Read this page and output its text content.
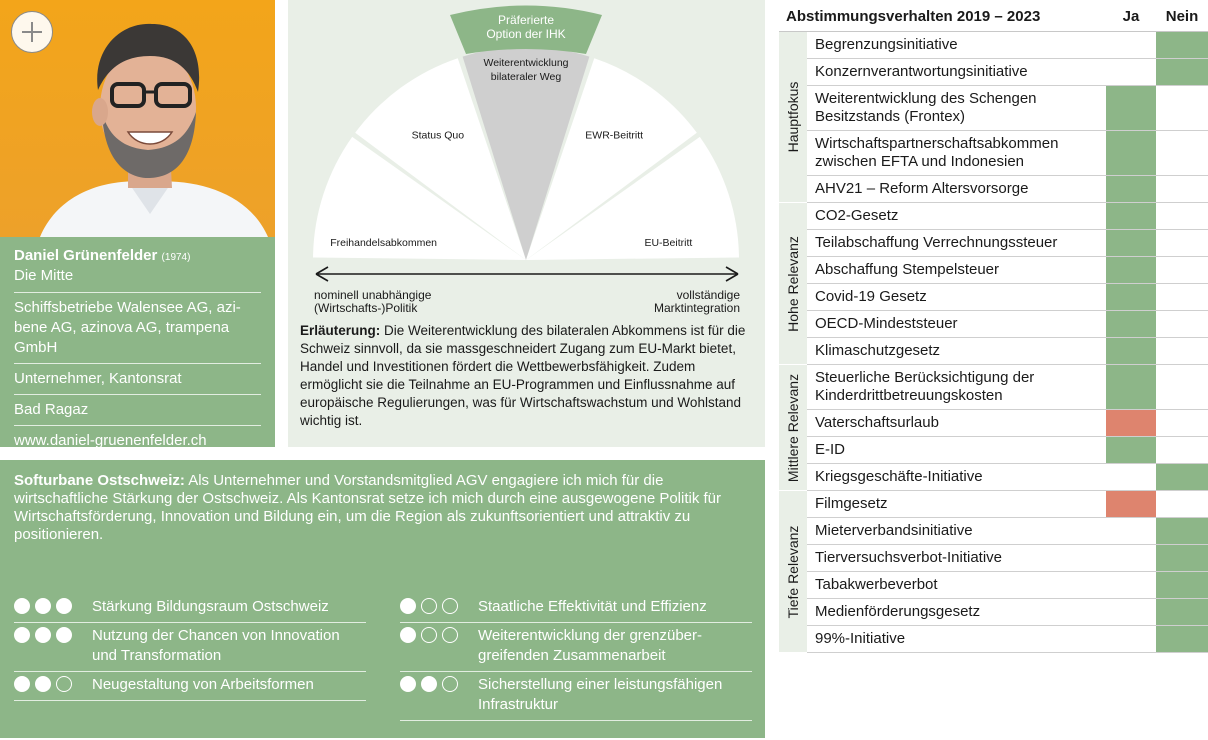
Daniel Grünenfelder (1974)
Die Mitte
Schiffsbetriebe Walensee AG, azi-bene AG, azinova AG, trampena GmbH
Unternehmer, Kantonsrat
Bad Ragaz
www.daniel-gruenenfelder.ch
Freihandelsabkommen
Status Quo
Weiterentwicklung
bilateraler Weg
EWR-Beitritt
EU-Beitritt
Präferierte
Option der IHK
nominell unabhängige
(Wirtschafts-)Politik
vollständige
Marktintegration
Erläuterung: Die Weiterentwicklung des bilateralen Abkommens ist für die Schweiz sinnvoll, da sie massgeschneidert Zugang zum EU-Markt bietet, Handel und Investitionen fördert die Wettbewerbsfähigkeit. Zudem ermöglicht sie die Teilnahme an EU-Programmen und Einflussnahme auf europäische Regulierungen, was für Wirtschaftswachstum und Wohlstand wichtig ist.
Softurbane Ostschweiz: Als Unternehmer und Vorstandsmitglied AGV engagiere ich mich für die wirtschaftliche Stärkung der Ostschweiz. Als Kantonsrat setze ich mich durch eine ausgewogene Politik für Wirtschaftsförderung, Innovation und Bildung ein, um die Region als zukunftsorientiert und attraktiv zu positionieren.
Stärkung Bildungsraum Ostschweiz
Nutzung der Chancen von Innovation und Transformation
Neugestaltung von Arbeitsformen
Staatliche Effektivität und Effizienz
Weiterentwicklung der grenzüber-greifenden Zusammenarbeit
Sicherstellung einer leistungsfähigen Infrastruktur
Abstimmungsverhalten 2019 – 2023	Ja	Nein
Hauptfokus
Hohe Relevanz
Mittlere Relevanz
Tiefe Relevanz
Begrenzungsinitiative
Konzernverantwortungsinitiative
Weiterentwicklung des Schengen Besitzstands (Frontex)
Wirtschaftspartnerschaftsabkommen zwischen EFTA und Indonesien
AHV21 – Reform Altersvorsorge
CO2-Gesetz
Teilabschaffung Verrechnungssteuer
Abschaffung Stempelsteuer
Covid-19 Gesetz
OECD-Mindeststeuer
Klimaschutzgesetz
Steuerliche Berücksichtigung der Kinderdrittbetreuungskosten
Vaterschaftsurlaub
E-ID
Kriegsgeschäfte-Initiative
Filmgesetz
Mieterverbandsinitiative
Tierversuchsverbot-Initiative
Tabakwerbeverbot
Medienförderungsgesetz
99%-Initiative
